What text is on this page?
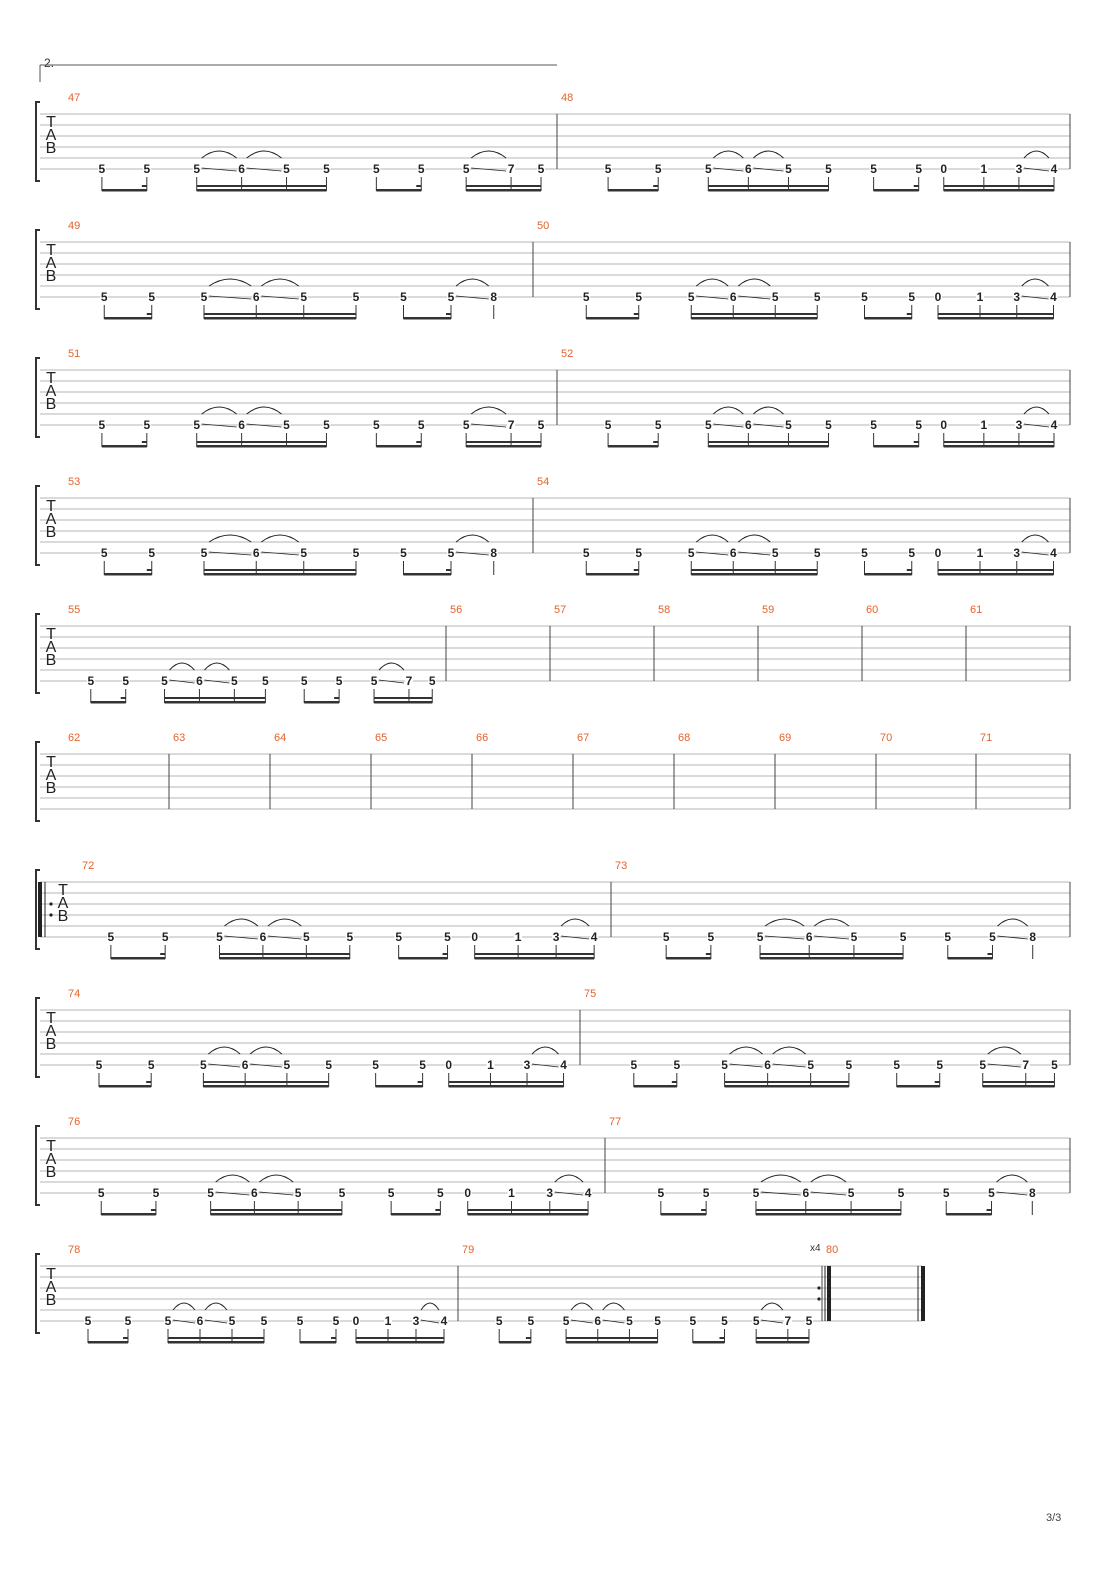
2.
T
A
B
47
5	5	5	6	5	5	5	5	5	7 5
48
5	5	5	6	5	5	5	5 0	1 3 4
T
A
B
49
5	5	5	6	5	5	5	5	8
50
5	5	5	6	5	5	5	5 0	1	3	4
T
A
B
51
5	5	5	6	5	5	5	5	5	7 5
52
5	5	5	6	5	5	5	5 0	1 3 4
T
A
B
53
5	5	5	6	5	5	5	5	8
54
5	5	5	6	5	5	5	5 0	1	3	4
T
A
B
55
5 5	5 6 5 5	5 5 5 7 5
56	57	58	59	60	61
T
A
B
62	63	64	65	66	67	68	69	70	71
T
A
B
72
5	5	5	6	5	5	5	5 0	1	3	4
73
5	5	5	6	5	5	5	5	8
T
A
B
74
5	5	5	6	5	5	5	5 0	1 3 4
75
5	5	5	6	5	5	5	5	5	7 5
T
A
B
76
5	5	5	6	5	5	5	5 0	1	3	4
77
5	5	5	6	5	5	5	5	8
T
A
B
78
5	5	5 6 5 5 5 5 0 1 3 4
79	x4
5 5 5 6 5 5 5 5 5 7 5
80
3/3
